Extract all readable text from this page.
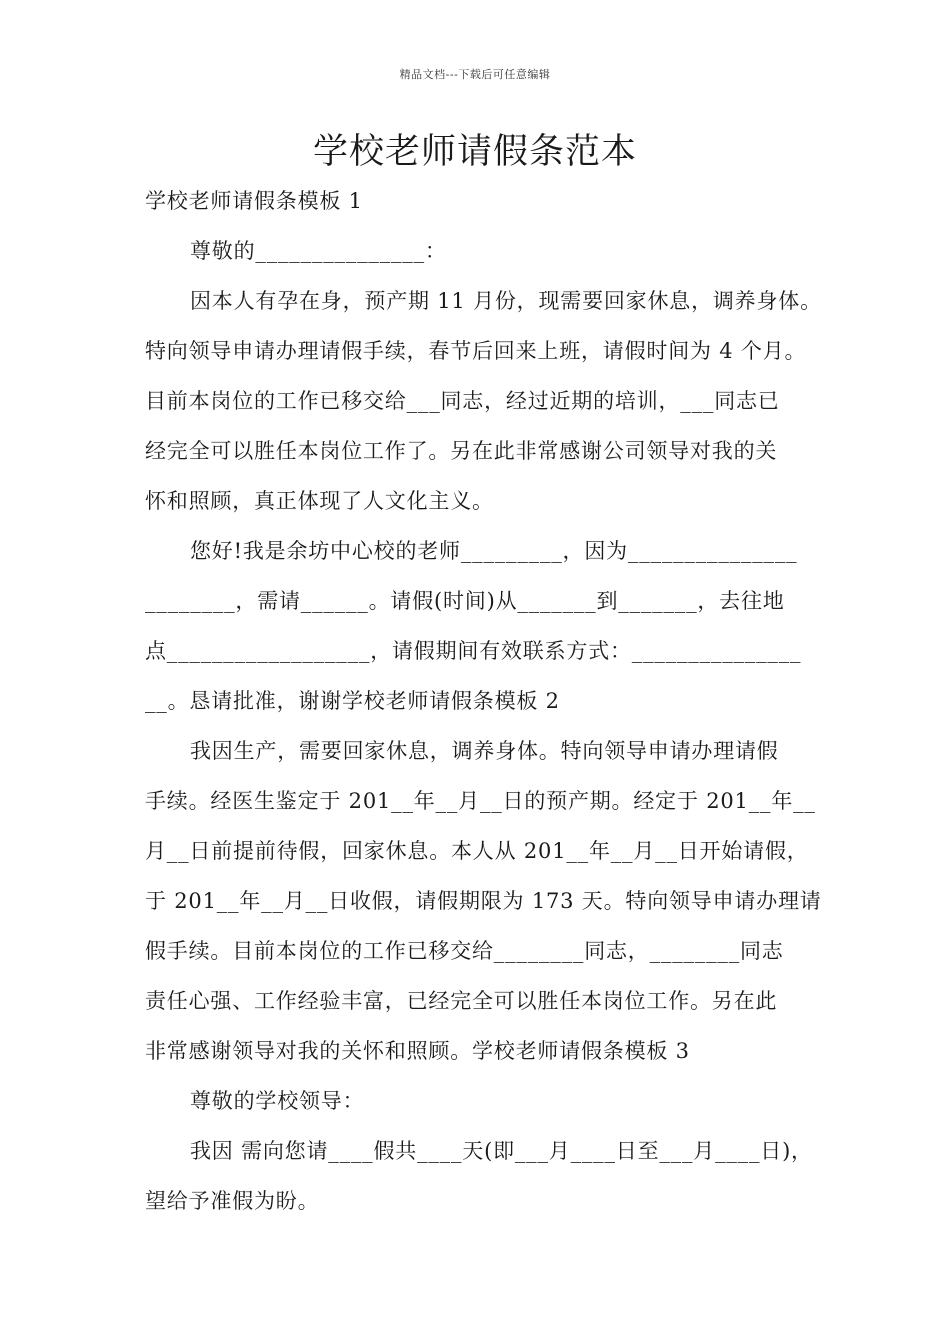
精品文档---下载后可任意编辑
学校老师请假条范本
学校老师请假条模板 1
尊敬的_______________：
因本人有孕在身，预产期 11 月份，现需要回家休息，调养身体。
特向领导申请办理请假手续，春节后回来上班，请假时间为 4 个月。
目前本岗位的工作已移交给___同志，经过近期的培训，___同志已
经完全可以胜任本岗位工作了。另在此非常感谢公司领导对我的关
怀和照顾，真正体现了人文化主义。
您好!我是余坊中心校的老师_________，因为_______________
________，需请______。请假(时间)从_______到_______，去往地
点__________________，请假期间有效联系方式：_______________
__。恳请批准，谢谢学校老师请假条模板 2
我因生产，需要回家休息，调养身体。特向领导申请办理请假
手续。经医生鉴定于 201__年__月__日的预产期。经定于 201__年__
月__日前提前待假，回家休息。本人从 201__年__月__日开始请假，
于 201__年__月__日收假，请假期限为 173 天。特向领导申请办理请
假手续。目前本岗位的工作已移交给________同志，________同志
责任心强、工作经验丰富，已经完全可以胜任本岗位工作。另在此
非常感谢领导对我的关怀和照顾。学校老师请假条模板 3
尊敬的学校领导：
我因 需向您请____假共____天(即___月____日至___月____日)，
望给予准假为盼。
